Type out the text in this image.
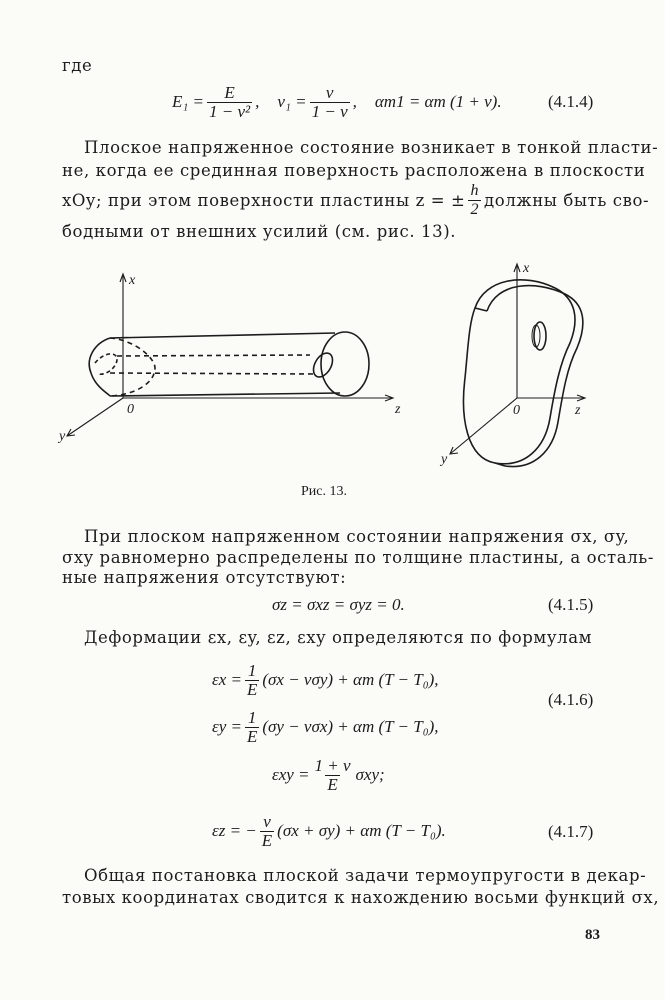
где
$E_1 = \frac{E}{\text{1 − ν²}}$ , $\nu_1 = \frac{\nu}{1 - \nu}$ , αт1 = αт (1 + ν).	(4.1.4)
Плоское напряженное состояние возникает в тонкой пласти-
не, когда ее срединная поверхность расположена в плоскости
xOy; при этом поверхности пластины z = ± $\frac{h}{2}$ должны быть сво-
бодными от внешних усилий (см. рис. 13).
x
0	z
y
x
0	z
y
Рис. 13.
При плоском напряженном состоянии напряжения σx, σy,
σxy равномерно распределены по толщине пластины, а осталь-
ные напряжения отсутствуют:
σz = σxz = σyz = 0.	(4.1.5)
Деформации εx, εy, εz, εxy определяются по формулам
$\varepsilon x = \frac{1}{E} (\sigma x - \nu\sigma y) + \alpha т$ (T − T₀),
$\varepsilon y = \frac{1}{E} (\sigma y - \nu\sigma x) + \alpha т$ (T − T₀),
(4.1.6)
$\varepsilon xy = \frac{1 + \nu}{E} \sigma xy$;
εz = − $\frac{\nu}{E} (\sigma x + \sigma y) + \alpha т$ (T − T₀).	(4.1.7)
Общая постановка плоской задачи термоупругости в декар-
товых координатах сводится к нахождению восьми функций σx,
83
